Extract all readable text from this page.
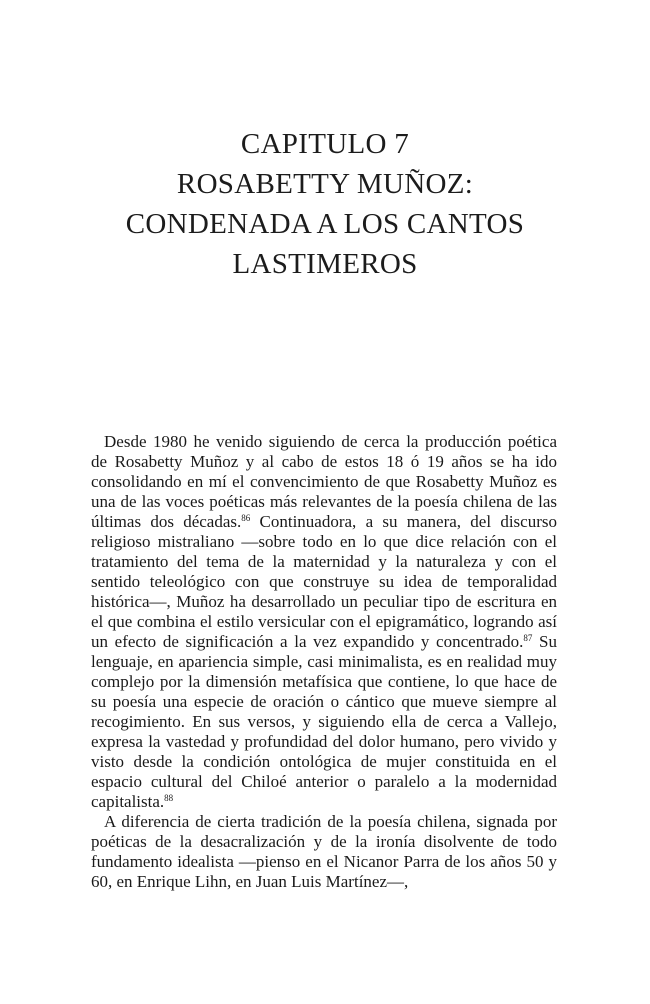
CAPITULO 7
ROSABETTY MUÑOZ:
CONDENADA A LOS CANTOS
LASTIMEROS

Desde 1980 he venido siguiendo de cerca la producción poética de Rosabetty Muñoz y al cabo de estos 18 ó 19 años se ha ido consolidando en mí el convencimiento de que Rosabetty Muñoz es una de las voces poéticas más relevantes de la poesía chilena de las últimas dos décadas.$^{86}$ Continuadora, a su manera, del discurso religioso mistraliano —sobre todo en lo que dice relación con el tratamiento del tema de la maternidad y la naturaleza y con el sentido teleológico con que construye su idea de temporalidad histórica—, Muñoz ha desarrollado un peculiar tipo de escritura en el que combina el estilo versicular con el epigramático, logrando así un efecto de significación a la vez expandido y concentrado.$^{87}$ Su lenguaje, en apariencia simple, casi minimalista, es en realidad muy complejo por la dimensión metafísica que contiene, lo que hace de su poesía una especie de oración o cántico que mueve siempre al recogimiento. En sus versos, y siguiendo ella de cerca a Vallejo, expresa la vastedad y profundidad del dolor humano, pero vivido y visto desde la condición ontológica de mujer constituida en el espacio cultural del Chiloé anterior o paralelo a la modernidad capitalista.$^{88}$

A diferencia de cierta tradición de la poesía chilena, signada por poéticas de la desacralización y de la ironía disolvente de todo fundamento idealista —pienso en el Nicanor Parra de los años 50 y 60, en Enrique Lihn, en Juan Luis Martínez—,
